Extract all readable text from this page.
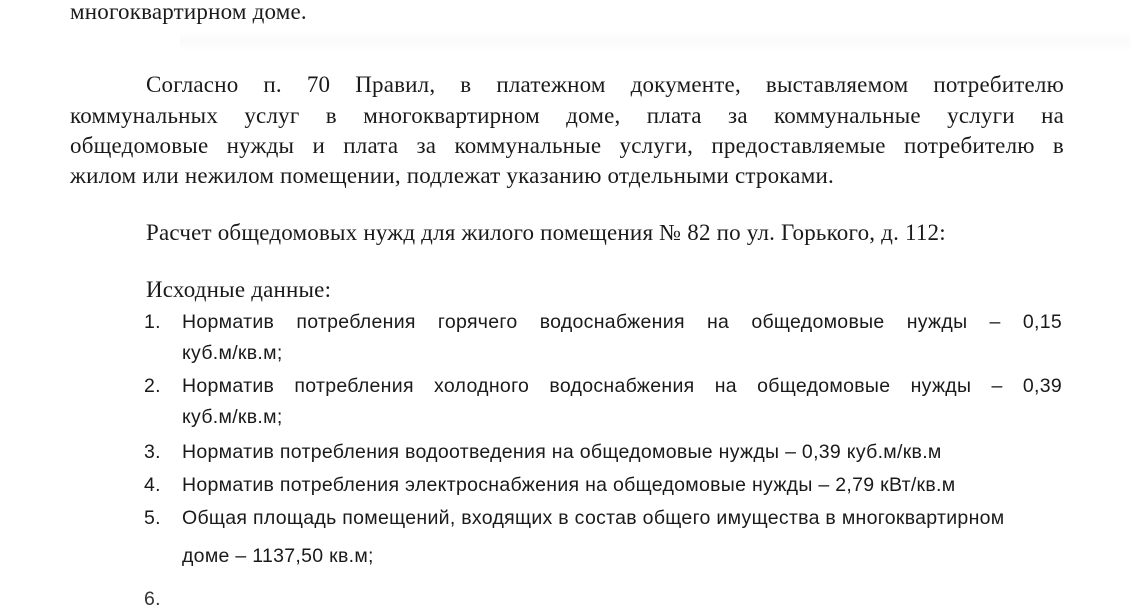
многоквартирном доме.
Согласно п. 70 Правил, в платежном документе, выставляемом потребителю
коммунальных услуг в многоквартирном доме, плата за коммунальные услуги на
общедомовые нужды и плата за коммунальные услуги, предоставляемые потребителю в
жилом или нежилом помещении, подлежат указанию отдельными строками.
Расчет общедомовых нужд для жилого помещения № 82 по ул. Горького, д. 112:
Исходные данные:
1. Норматив потребления горячего водоснабжения на общедомовые нужды – 0,15
куб.м/кв.м;
2. Норматив потребления холодного водоснабжения на общедомовые нужды – 0,39
куб.м/кв.м;
3. Норматив потребления водоотведения на общедомовые нужды – 0,39 куб.м/кв.м
4. Норматив потребления электроснабжения на общедомовые нужды – 2,79 кВт/кв.м
5. Общая площадь помещений, входящих в состав общего имущества в многоквартирном
доме – 1137,50 кв.м;
6.
